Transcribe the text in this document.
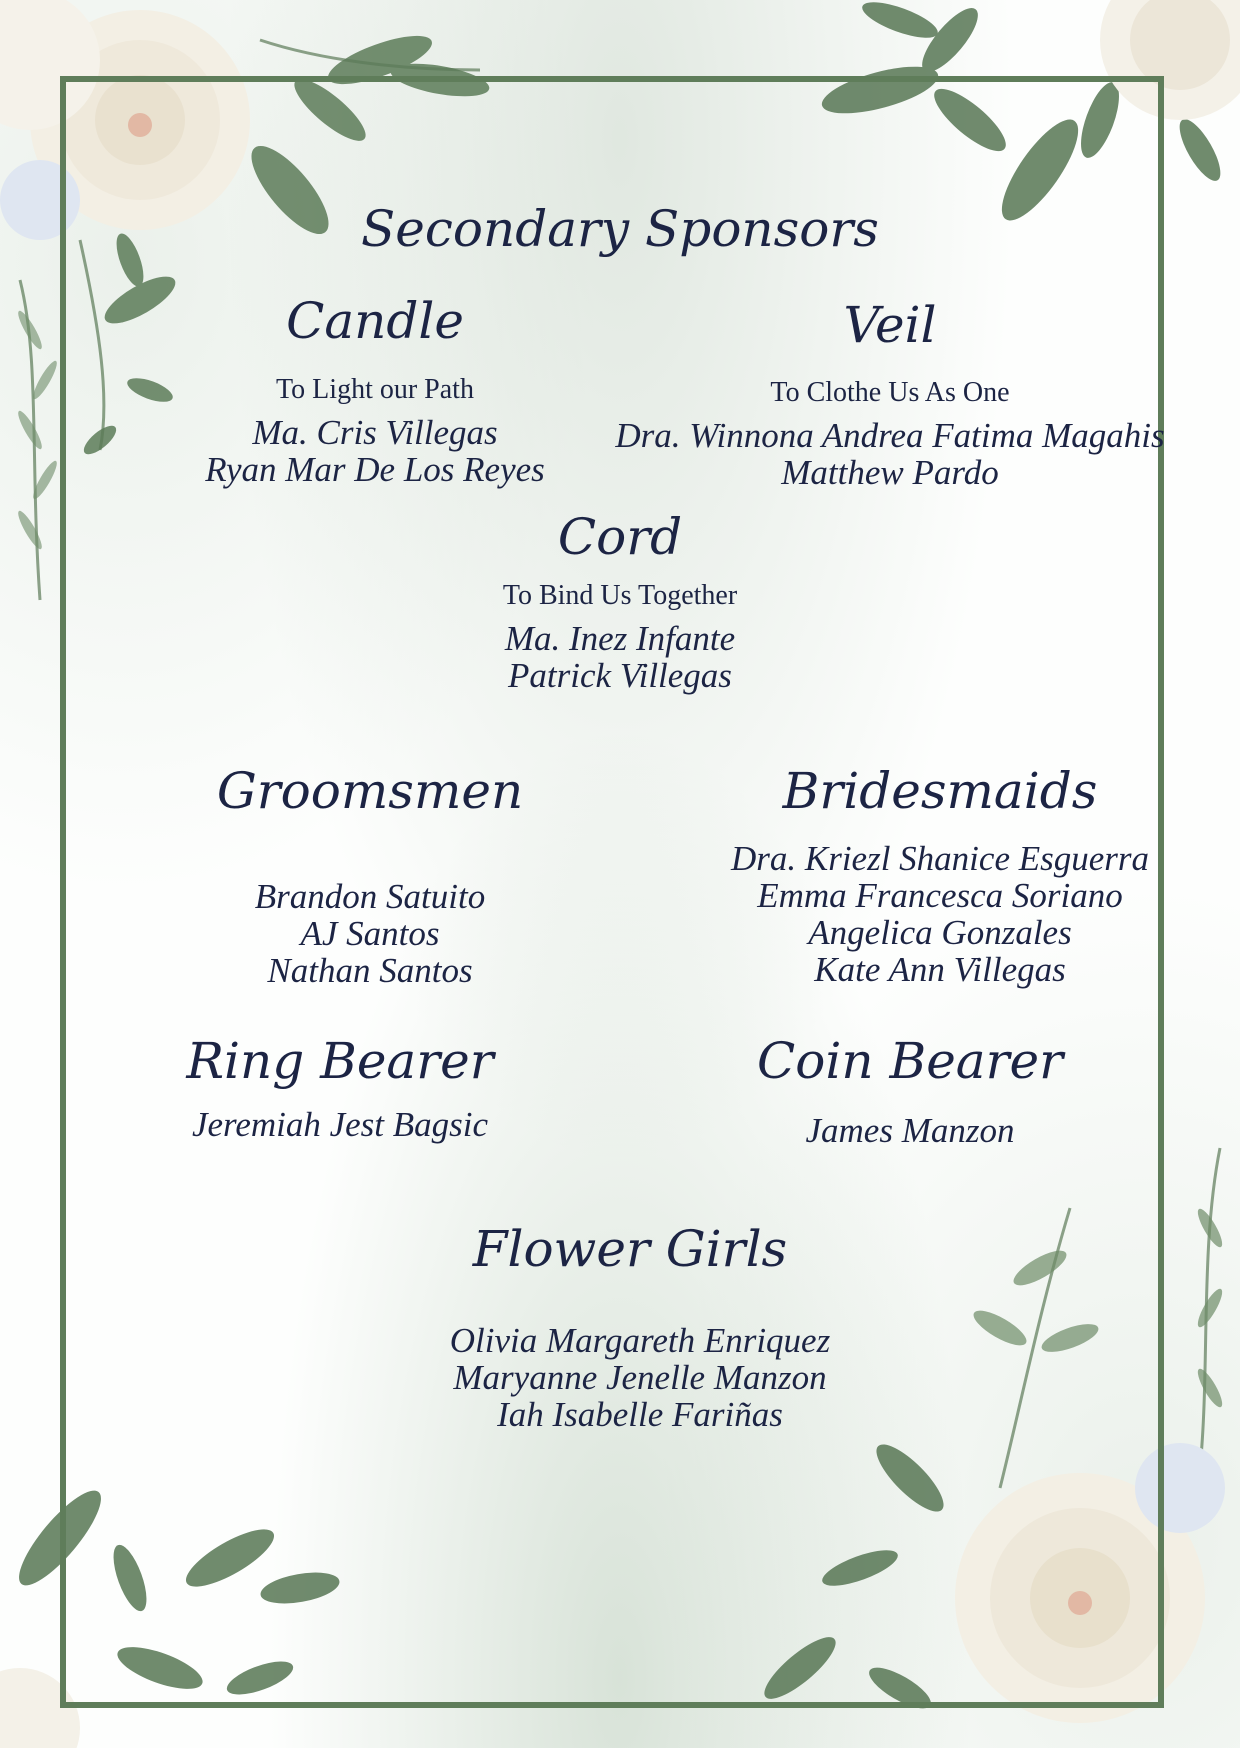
Secondary Sponsors
Candle
To Light our Path
Ma. Cris Villegas
Ryan Mar De Los Reyes
Veil
To Clothe Us As One
Dra. Winnona Andrea Fatima Magahis
Matthew Pardo
Cord
To Bind Us Together
Ma. Inez Infante
Patrick Villegas
Groomsmen
Brandon Satuito
AJ Santos
Nathan Santos
Bridesmaids
Dra. Kriezl Shanice Esguerra
Emma Francesca Soriano
Angelica Gonzales
Kate Ann Villegas
Ring Bearer
Jeremiah Jest Bagsic
Coin Bearer
James Manzon
Flower Girls
Olivia Margareth Enriquez
Maryanne Jenelle Manzon
Iah Isabelle Fariñas
